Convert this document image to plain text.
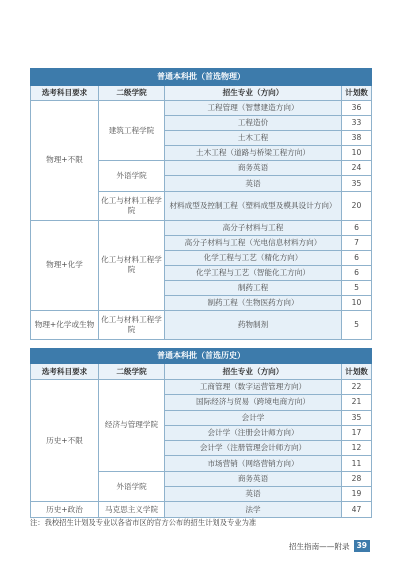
普通本科批（首选物理）			
选考科目要求	二级学院	招生专业（方向）	计划数
物理+不限	建筑工程学院	工程管理（智慧建造方向）	36
		工程造价	33
		土木工程	38
		土木工程（道路与桥梁工程方向）	10
	外语学院	商务英语	24
		英语	35
	化工与材料工程学院	材料成型及控制工程（塑料成型及模具设计方向）	20
物理+化学	化工与材料工程学院	高分子材料与工程	6
		高分子材料与工程（光电信息材料方向）	7
		化学工程与工艺（精化方向）	6
		化学工程与工艺（智能化工方向）	6
		制药工程	5
		制药工程（生物医药方向）	10
物理+化学或生物	化工与材料工程学院	药物制剂	5
普通本科批（首选历史）			
选考科目要求	二级学院	招生专业（方向）	计划数
历史+不限	经济与管理学院	工商管理（数字运营管理方向）	22
		国际经济与贸易（跨境电商方向）	21
		会计学	35
		会计学（注册会计师方向）	17
		会计学（注册管理会计师方向）	12
		市场营销（网络营销方向）	11
	外语学院	商务英语	28
		英语	19
历史+政治	马克思主义学院	法学	47
注：我校招生计划及专业以各省市区的官方公布的招生计划及专业为准
招生指南——附录 39
